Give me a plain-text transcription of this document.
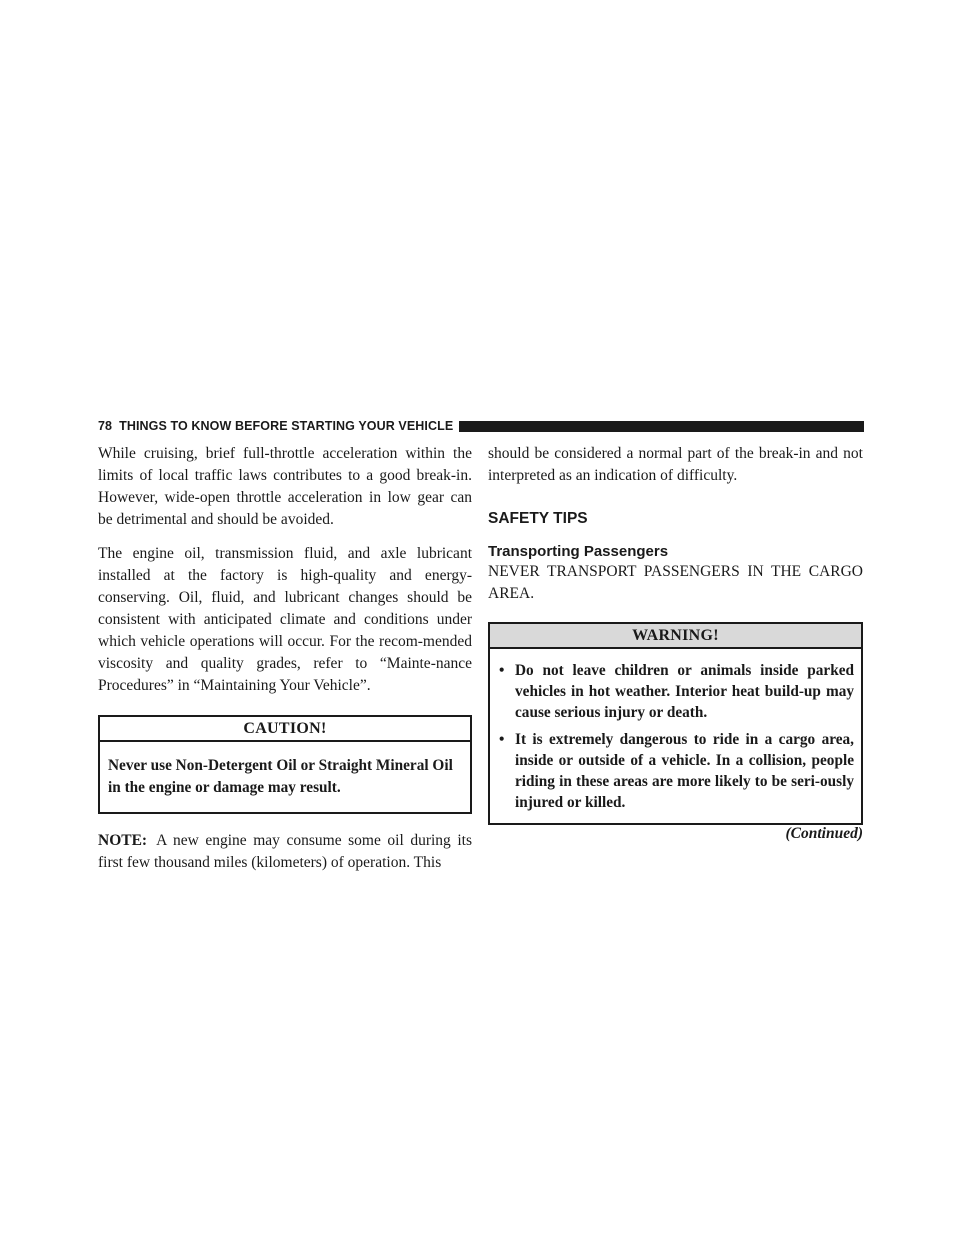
78 THINGS TO KNOW BEFORE STARTING YOUR VEHICLE

While cruising, brief full-throttle acceleration within the limits of local traffic laws contributes to a good break-in. However, wide-open throttle acceleration in low gear can be detrimental and should be avoided.

The engine oil, transmission fluid, and axle lubricant installed at the factory is high-quality and energy-conserving. Oil, fluid, and lubricant changes should be consistent with anticipated climate and conditions under which vehicle operations will occur. For the recom-mended viscosity and quality grades, refer to “Mainte-nance Procedures” in “Maintaining Your Vehicle”.

CAUTION!
Never use Non-Detergent Oil or Straight Mineral Oil in the engine or damage may result.

NOTE: A new engine may consume some oil during its first few thousand miles (kilometers) of operation. This

should be considered a normal part of the break-in and not interpreted as an indication of difficulty.

SAFETY TIPS
Transporting Passengers

NEVER TRANSPORT PASSENGERS IN THE CARGO AREA.

WARNING!
• Do not leave children or animals inside parked vehicles in hot weather. Interior heat build-up may cause serious injury or death.
• It is extremely dangerous to ride in a cargo area, inside or outside of a vehicle. In a collision, people riding in these areas are more likely to be seri-ously injured or killed.
(Continued)
